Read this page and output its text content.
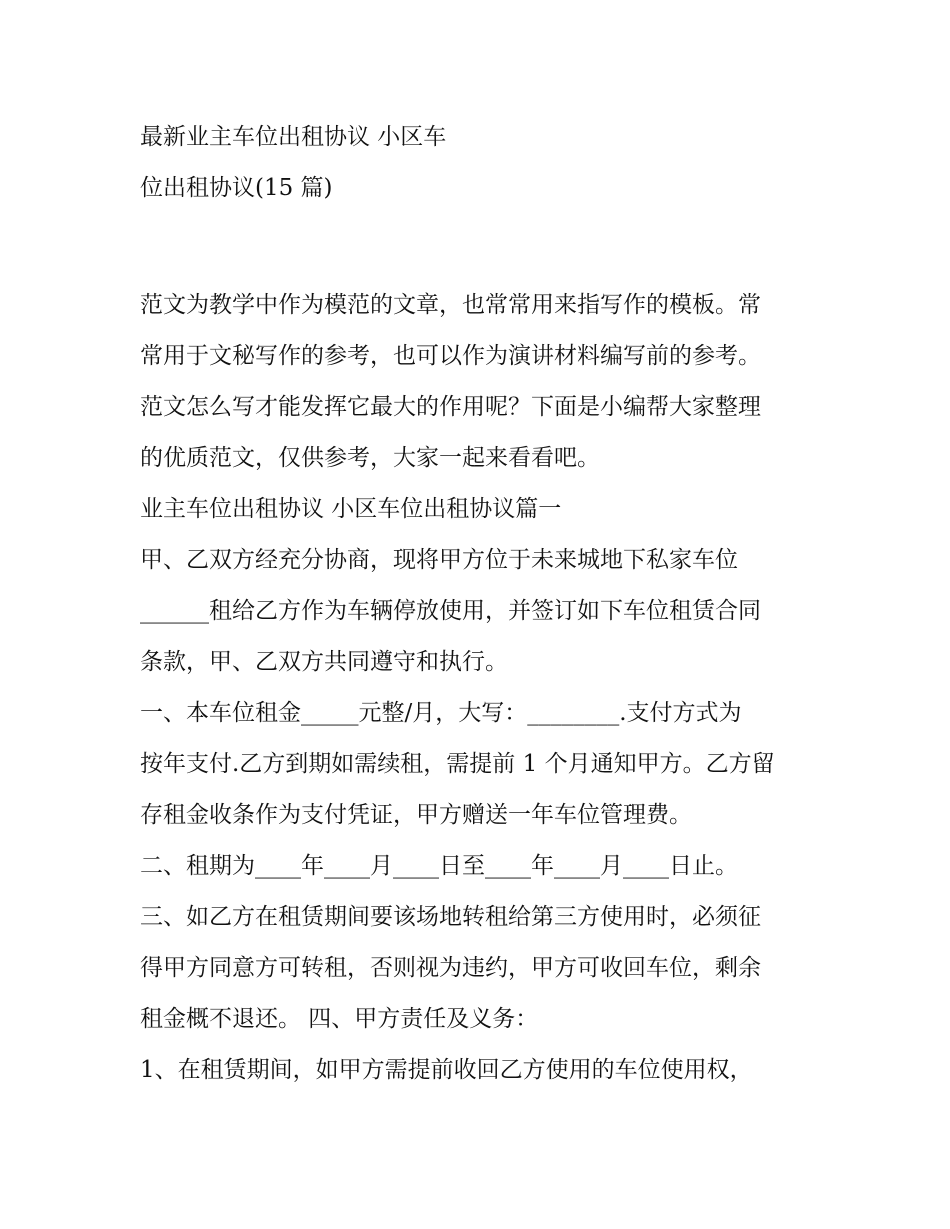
最新业主车位出租协议 小区车
位出租协议(15 篇)
范文为教学中作为模范的文章，也常常用来指写作的模板。常
常用于文秘写作的参考，也可以作为演讲材料编写前的参考。
范文怎么写才能发挥它最大的作用呢？下面是小编帮大家整理
的优质范文，仅供参考，大家一起来看看吧。
业主车位出租协议 小区车位出租协议篇一
甲、乙双方经充分协商，现将甲方位于未来城地下私家车位
______租给乙方作为车辆停放使用，并签订如下车位租赁合同
条款，甲、乙双方共同遵守和执行。
一、本车位租金_____元整/月，大写：________.支付方式为
按年支付.乙方到期如需续租，需提前 1 个月通知甲方。乙方留
存租金收条作为支付凭证，甲方赠送一年车位管理费。
二、租期为____年____月____日至____年____月____日止。
三、如乙方在租赁期间要该场地转租给第三方使用时，必须征
得甲方同意方可转租，否则视为违约，甲方可收回车位，剩余
租金概不退还。 四、甲方责任及义务：
1、在租赁期间，如甲方需提前收回乙方使用的车位使用权，
